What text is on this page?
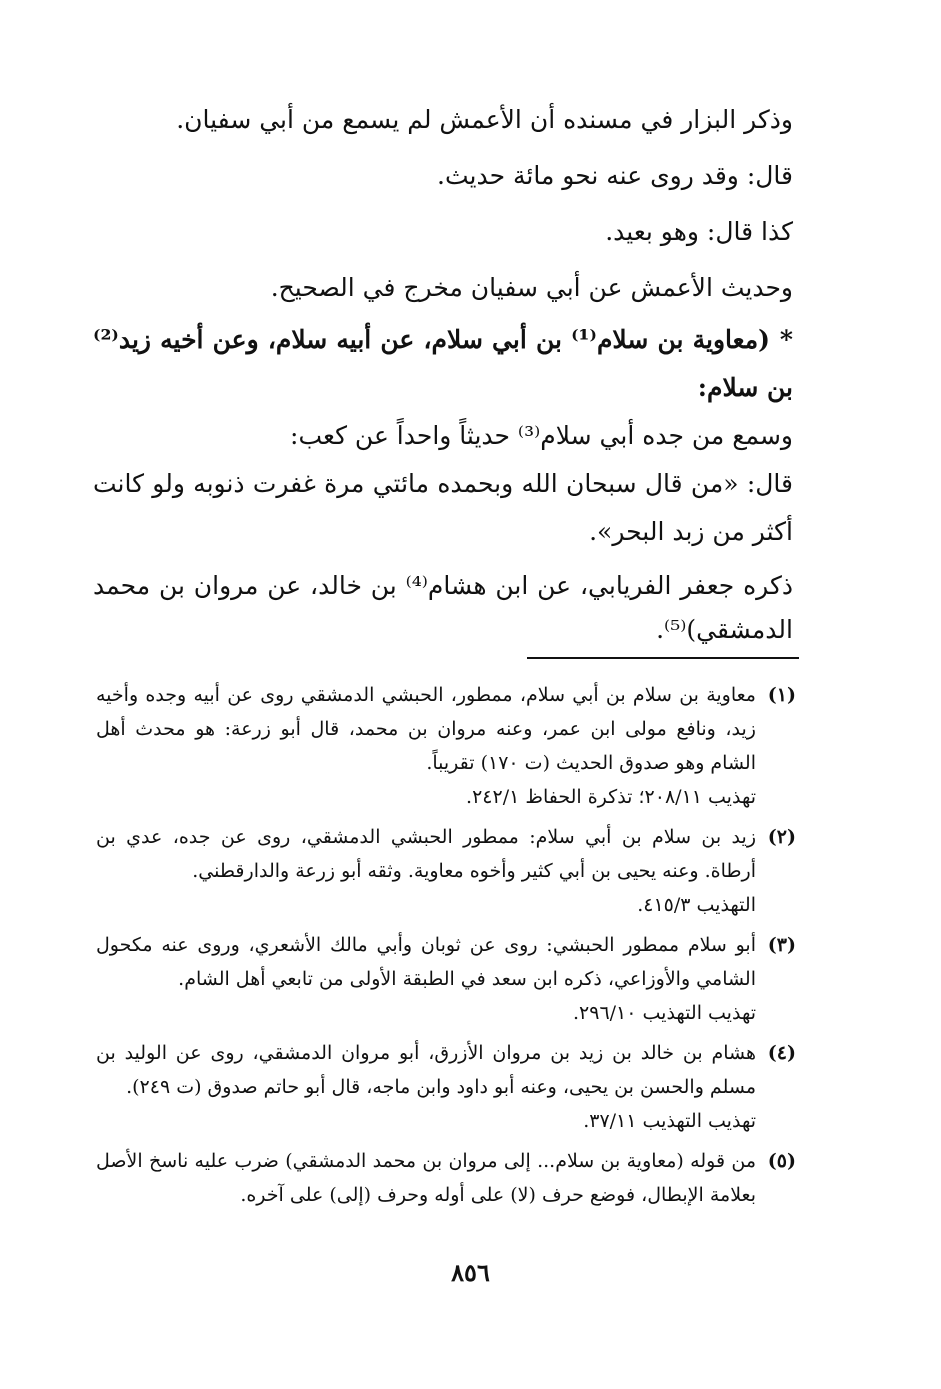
وذكر البزار في مسنده أن الأعمش لم يسمع من أبي سفيان.

قال: وقد روى عنه نحو مائة حديث.

كذا قال: وهو بعيد.

وحديث الأعمش عن أبي سفيان مخرج في الصحيح.

*(معاوية بن سلام⁽¹⁾ بن أبي سلام، عن أبيه سلام، وعن أخيه زيد⁽²⁾ بن سلام:

وسمع من جده أبي سلام⁽³⁾ حديثاً واحداً عن كعب:

قال: «من قال سبحان الله وبحمده مائتي مرة غفرت ذنوبه ولو كانت أكثر من زبد البحر».

ذكره جعفر الفريابي، عن ابن هشام⁽⁴⁾ بن خالد، عن مروان بن محمد الدمشقي)⁽⁵⁾.

(١)
معاوية بن سلام بن أبي سلام، ممطور، الحبشي الدمشقي روى عن أبيه وجده وأخيه زيد، ونافع مولى ابن عمر، وعنه مروان بن محمد، قال أبو زرعة: هو محدث أهل الشام وهو صدوق الحديث (ت ١٧٠) تقريباً.
تهذيب ٢٠٨/١١؛ تذكرة الحفاظ ٢٤٢/١.
(٢)
زيد بن سلام بن أبي سلام: ممطور الحبشي الدمشقي، روى عن جده، عدي بن أرطاة. وعنه يحيى بن أبي كثير وأخوه معاوية. وثقه أبو زرعة والدارقطني.
التهذيب ٤١٥/٣.
(٣)
أبو سلام ممطور الحبشي: روى عن ثوبان وأبي مالك الأشعري، وروى عنه مكحول الشامي والأوزاعي، ذكره ابن سعد في الطبقة الأولى من تابعي أهل الشام.
تهذيب التهذيب ٢٩٦/١٠.
(٤)
هشام بن خالد بن زيد بن مروان الأزرق، أبو مروان الدمشقي، روى عن الوليد بن مسلم والحسن بن يحيى، وعنه أبو داود وابن ماجه، قال أبو حاتم صدوق (ت ٢٤٩).
تهذيب التهذيب ٣٧/١١.
(٥)
من قوله (معاوية بن سلام... إلى مروان بن محمد الدمشقي) ضرب عليه ناسخ الأصل بعلامة الإبطال، فوضع حرف (لا) على أوله وحرف (إلى) على آخره.
٨٥٦
